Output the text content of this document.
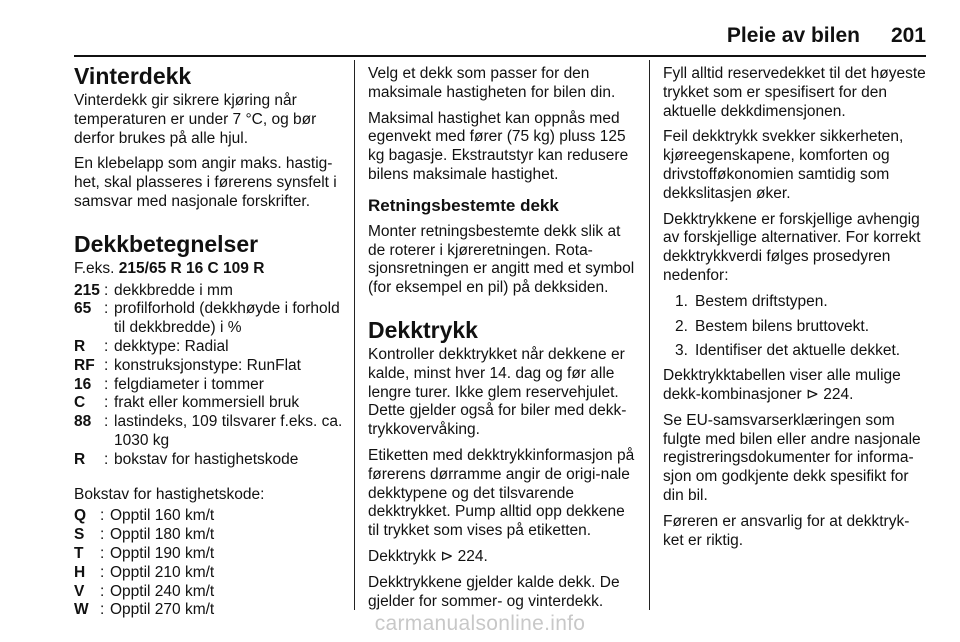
Pleie av bilen 201
Vinterdekk

Vinterdekk gir sikrere kjøring når temperaturen er under 7 °C, og bør derfor brukes på alle hjul.

En klebelapp som angir maks. hastig-het, skal plasseres i førerens synsfelt i samsvar med nasjonale forskrifter.

Dekkbetegnelser

F.eks. 215/65 R 16 C 109 R

215 : dekkbredde i mm
65 : profilforhold (dekkhøyde i forhold til dekkbredde) i %
R	: dekktype: Radial
RF : konstruksjonstype: RunFlat
16 : felgdiameter i tommer
C	: frakt eller kommersiell bruk
88 : lastindeks, 109 tilsvarer f.eks. ca. 1030 kg
R	: bokstav for hastighetskode

Bokstav for hastighetskode:

Q : Opptil 160 km/t
S	: Opptil 180 km/t
T	: Opptil 190 km/t
H : Opptil 210 km/t
V	: Opptil 240 km/t
W : Opptil 270 km/t

Velg et dekk som passer for den maksimale hastigheten for bilen din.

Maksimal hastighet kan oppnås med egenvekt med fører (75 kg) pluss 125 kg bagasje. Ekstrautstyr kan redusere bilens maksimale hastighet.

Retningsbestemte dekk

Monter retningsbestemte dekk slik at de roterer i kjøreretningen. Rota-sjonsretningen er angitt med et symbol (for eksempel en pil) på dekksiden.

Dekktrykk

Kontroller dekktrykket når dekkene er kalde, minst hver 14. dag og før alle lengre turer. Ikke glem reservehjulet. Dette gjelder også for biler med dekk-trykkovervåking.

Etiketten med dekktrykkinformasjon på førerens dørramme angir de origi-nale dekktypene og det tilsvarende dekktrykket. Pump alltid opp dekkene til trykket som vises på etiketten.

Dekktrykk ⊳ 224.

Dekktrykkene gjelder kalde dekk. De gjelder for sommer- og vinterdekk.

Fyll alltid reservedekket til det høyeste trykket som er spesifisert for den aktuelle dekkdimensjonen.

Feil dekktrykk svekker sikkerheten, kjøreegenskapene, komforten og drivstofføkonomien samtidig som dekkslitasjen øker.

Dekktrykkene er forskjellige avhengig av forskjellige alternativer. For korrekt dekktrykkverdi følges prosedyren nedenfor:

1. Bestem driftstypen.
2. Bestem bilens bruttovekt.
3. Identifiser det aktuelle dekket.

Dekktrykktabellen viser alle mulige dekk-kombinasjoner ⊳ 224.

Se EU-samsvarserklæringen som fulgte med bilen eller andre nasjonale registreringsdokumenter for informa-sjon om godkjente dekk spesifikt for din bil.

Føreren er ansvarlig for at dekktryk-ket er riktig.

carmanualsonline.info
